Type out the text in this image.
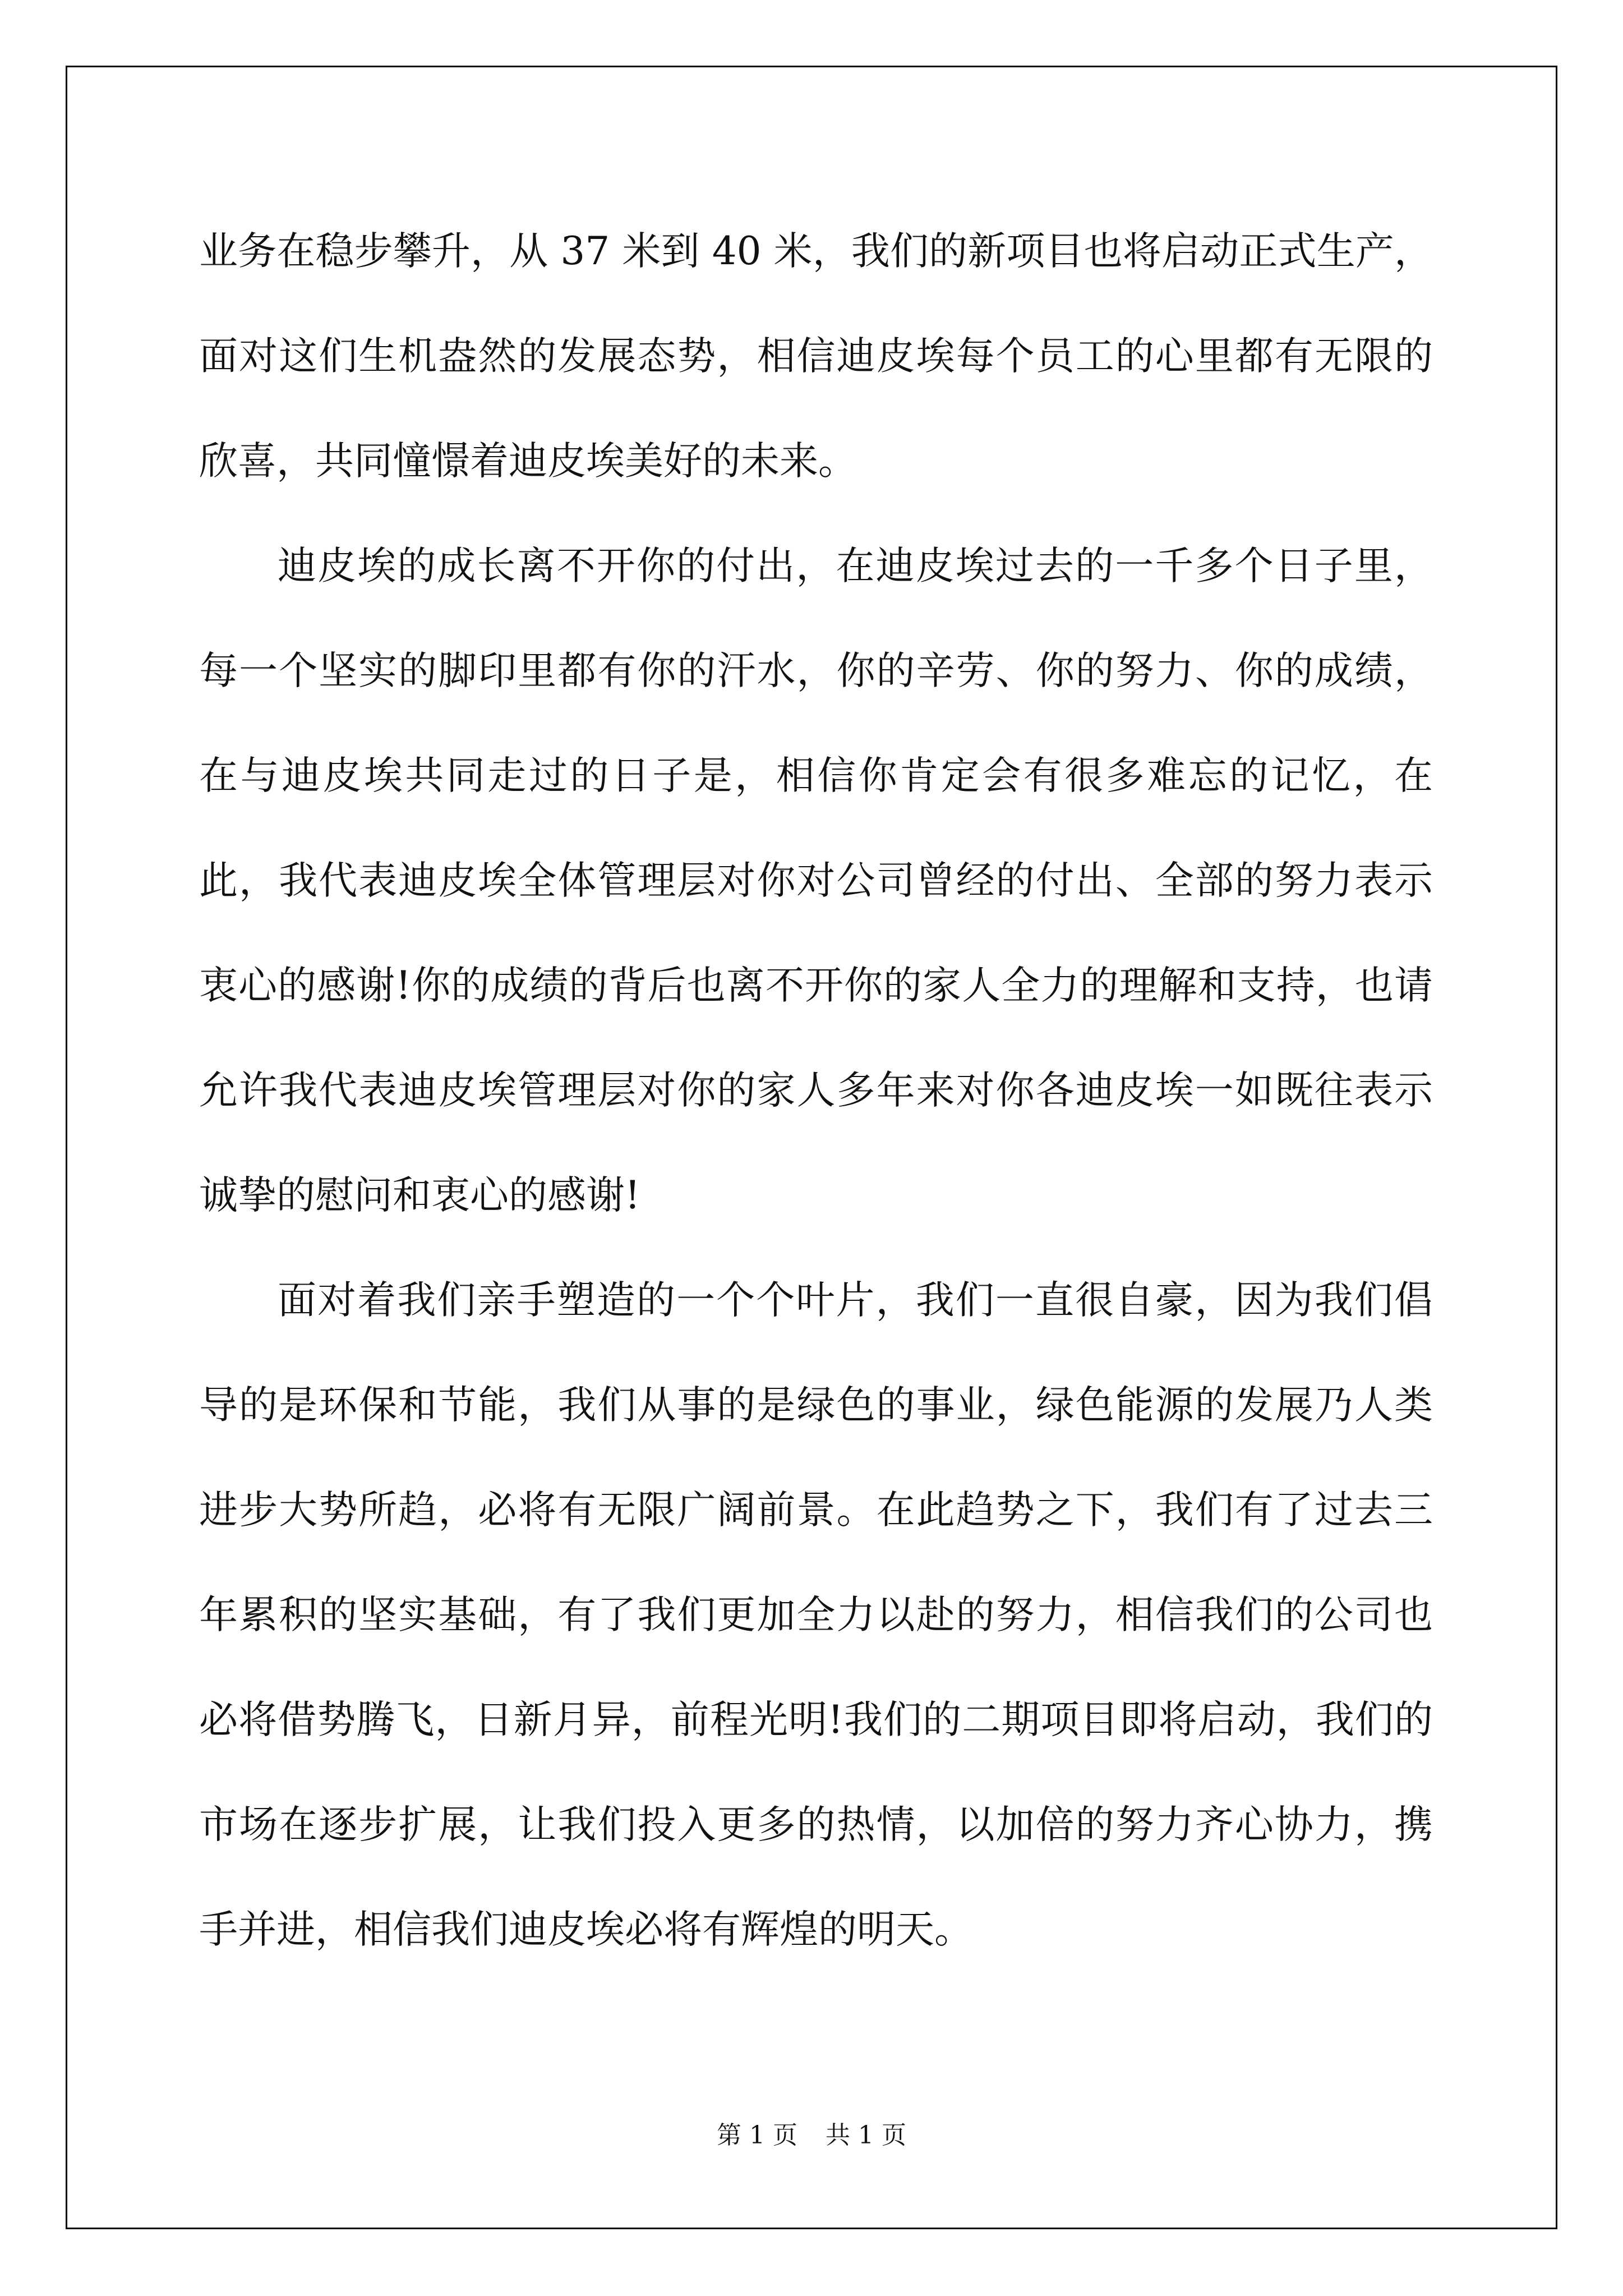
业务在稳步攀升，从 37 米到 40 米，我们的新项目也将启动正式生产，面对这们生机盎然的发展态势，相信迪皮埃每个员工的心里都有无限的欣喜，共同憧憬着迪皮埃美好的未来。

迪皮埃的成长离不开你的付出，在迪皮埃过去的一千多个日子里，每一个坚实的脚印里都有你的汗水，你的辛劳、你的努力、你的成绩，在与迪皮埃共同走过的日子是，相信你肯定会有很多难忘的记忆，在此，我代表迪皮埃全体管理层对你对公司曾经的付出、全部的努力表示衷心的感谢!你的成绩的背后也离不开你的家人全力的理解和支持，也请允许我代表迪皮埃管理层对你的家人多年来对你各迪皮埃一如既往表示诚挚的慰问和衷心的感谢!

面对着我们亲手塑造的一个个叶片，我们一直很自豪，因为我们倡导的是环保和节能，我们从事的是绿色的事业，绿色能源的发展乃人类进步大势所趋，必将有无限广阔前景。在此趋势之下，我们有了过去三年累积的坚实基础，有了我们更加全力以赴的努力，相信我们的公司也必将借势腾飞，日新月异，前程光明!我们的二期项目即将启动，我们的市场在逐步扩展，让我们投入更多的热情，以加倍的努力齐心协力，携手并进，相信我们迪皮埃必将有辉煌的明天。

第 1 页 共 1 页
